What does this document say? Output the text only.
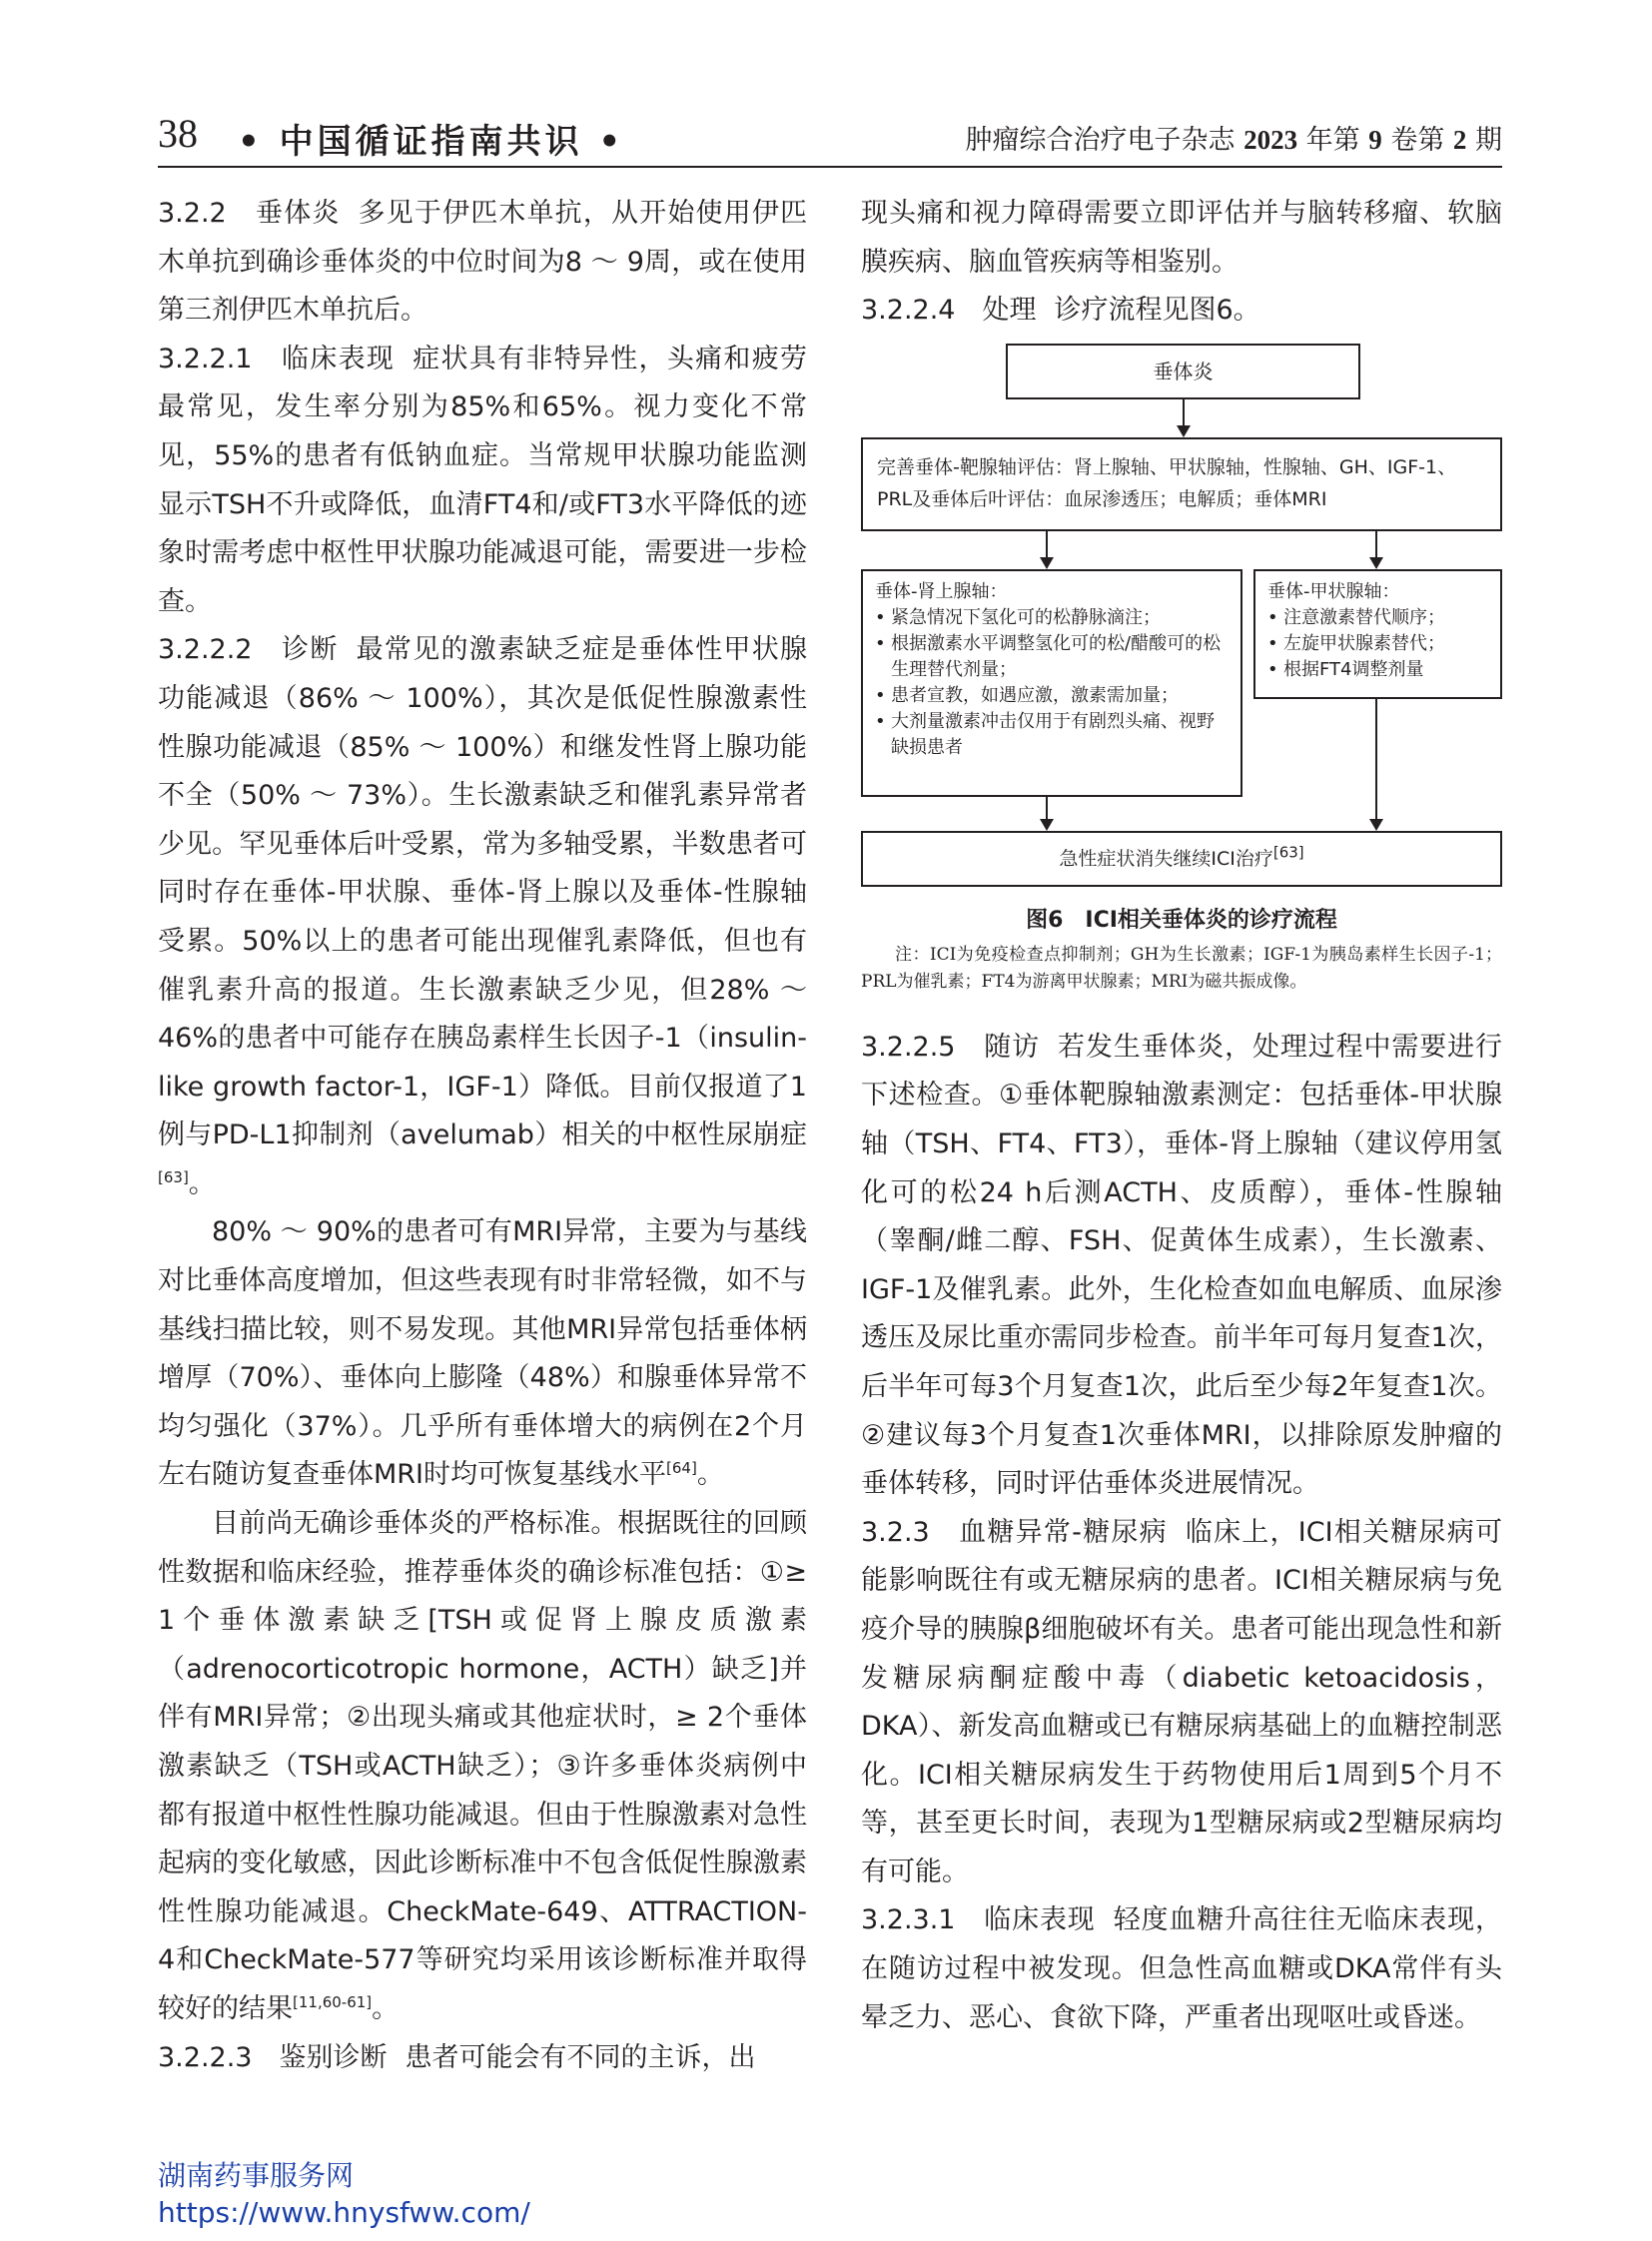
38 • 中国循证指南共识 •	肿瘤综合治疗电子杂志 2023 年第 9 卷第 2 期

3.2.2　垂体炎 多见于伊匹木单抗，从开始使用伊匹木单抗到确诊垂体炎的中位时间为8 ～ 9周，或在使用第三剂伊匹木单抗后。

3.2.2.1　临床表现 症状具有非特异性，头痛和疲劳最常见，发生率分别为85%和65%。视力变化不常见，55%的患者有低钠血症。当常规甲状腺功能监测显示TSH不升或降低，血清FT4和/或FT3水平降低的迹象时需考虑中枢性甲状腺功能减退可能，需要进一步检查。

3.2.2.2　诊断 最常见的激素缺乏症是垂体性甲状腺功能减退（86% ～ 100%），其次是低促性腺激素性性腺功能减退（85% ～ 100%）和继发性肾上腺功能不全（50% ～ 73%）。生长激素缺乏和催乳素异常者少见。罕见垂体后叶受累，常为多轴受累，半数患者可同时存在垂体-甲状腺、垂体-肾上腺以及垂体-性腺轴受累。50%以上的患者可能出现催乳素降低，但也有催乳素升高的报道。生长激素缺乏少见，但28% ～ 46%的患者中可能存在胰岛素样生长因子-1（insulin-like growth factor-1，IGF-1）降低。目前仅报道了1例与PD-L1抑制剂（avelumab）相关的中枢性尿崩症[63]。

80% ～ 90%的患者可有MRI异常，主要为与基线对比垂体高度增加，但这些表现有时非常轻微，如不与基线扫描比较，则不易发现。其他MRI异常包括垂体柄增厚（70%）、垂体向上膨隆（48%）和腺垂体异常不均匀强化（37%）。几乎所有垂体增大的病例在2个月左右随访复查垂体MRI时均可恢复基线水平[64]。

目前尚无确诊垂体炎的严格标准。根据既往的回顾性数据和临床经验，推荐垂体炎的确诊标准包括：①≥ 1个垂体激素缺乏[TSH或促肾上腺皮质激素（adrenocorticotropic hormone，ACTH）缺乏]并伴有MRI异常；②出现头痛或其他症状时，≥ 2个垂体激素缺乏（TSH或ACTH缺乏）；③许多垂体炎病例中都有报道中枢性性腺功能减退。但由于性腺激素对急性起病的变化敏感，因此诊断标准中不包含低促性腺激素性性腺功能减退。CheckMate-649、ATTRACTION-4和CheckMate-577等研究均采用该诊断标准并取得较好的结果[11,60-61]。

3.2.2.3　鉴别诊断 患者可能会有不同的主诉，出

现头痛和视力障碍需要立即评估并与脑转移瘤、软脑膜疾病、脑血管疾病等相鉴别。

3.2.2.4　处理 诊疗流程见图6。

垂体炎
完善垂体-靶腺轴评估：肾上腺轴、甲状腺轴，性腺轴、GH、IGF-1、PRL及垂体后叶评估：血尿渗透压；电解质；垂体MRI
垂体-肾上腺轴：
• 紧急情况下氢化可的松静脉滴注；
• 根据激素水平调整氢化可的松/醋酸可的松生理替代剂量；
• 患者宣教，如遇应激，激素需加量；
• 大剂量激素冲击仅用于有剧烈头痛、视野缺损患者
垂体-甲状腺轴：
• 注意激素替代顺序；
• 左旋甲状腺素替代；
• 根据FT4调整剂量
急性症状消失继续ICI治疗[63]
图6　ICI相关垂体炎的诊疗流程
注：ICI为免疫检查点抑制剂；GH为生长激素；IGF-1为胰岛素样生长因子-1；PRL为催乳素；FT4为游离甲状腺素；MRI为磁共振成像。

3.2.2.5　随访 若发生垂体炎，处理过程中需要进行下述检查。①垂体靶腺轴激素测定：包括垂体-甲状腺轴（TSH、FT4、FT3），垂体-肾上腺轴（建议停用氢化可的松24 h后测ACTH、皮质醇），垂体-性腺轴（睾酮/雌二醇、FSH、促黄体生成素），生长激素、IGF-1及催乳素。此外，生化检查如血电解质、血尿渗透压及尿比重亦需同步检查。前半年可每月复查1次，后半年可每3个月复查1次，此后至少每2年复查1次。②建议每3个月复查1次垂体MRI，以排除原发肿瘤的垂体转移，同时评估垂体炎进展情况。

3.2.3　血糖异常-糖尿病 临床上，ICI相关糖尿病可能影响既往有或无糖尿病的患者。ICI相关糖尿病与免疫介导的胰腺β细胞破坏有关。患者可能出现急性和新发糖尿病酮症酸中毒（diabetic ketoacidosis，DKA）、新发高血糖或已有糖尿病基础上的血糖控制恶化。ICI相关糖尿病发生于药物使用后1周到5个月不等，甚至更长时间，表现为1型糖尿病或2型糖尿病均有可能。

3.2.3.1　临床表现 轻度血糖升高往往无临床表现，在随访过程中被发现。但急性高血糖或DKA常伴有头晕乏力、恶心、食欲下降，严重者出现呕吐或昏迷。

湖南药事服务网
https://www.hnysfww.com/
